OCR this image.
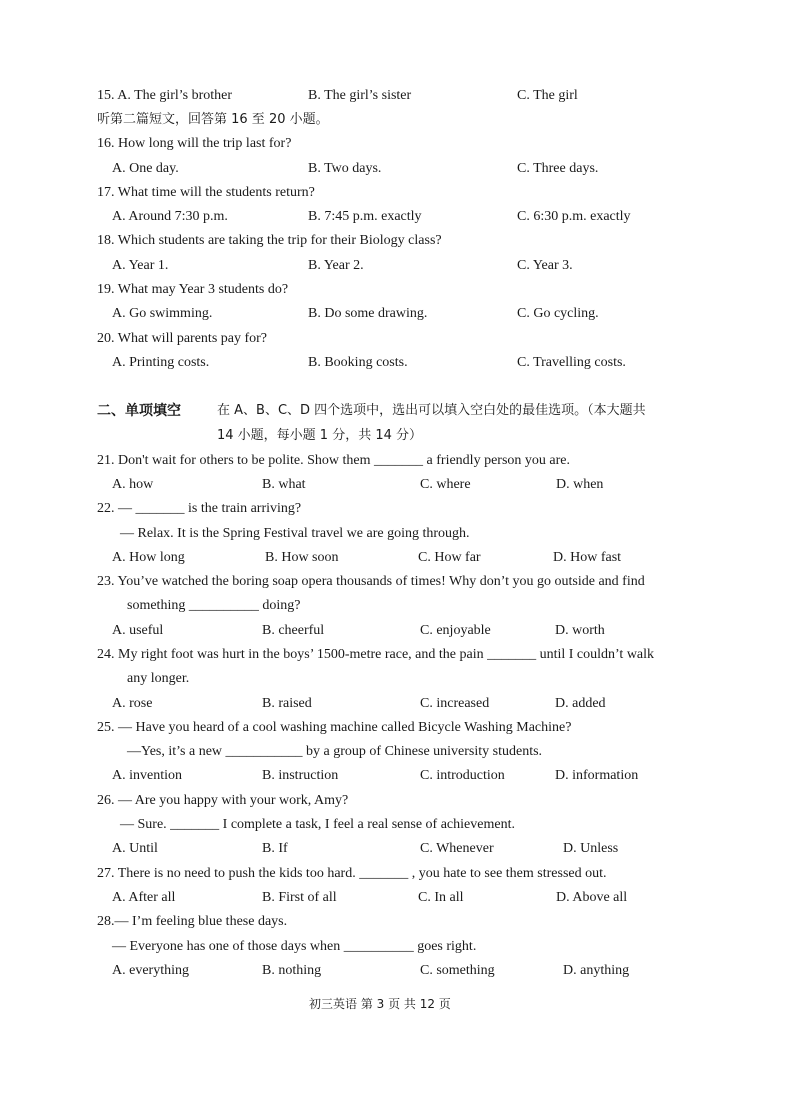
15. A. The girl’s brother	B. The girl’s sister	C. The girl
听第二篇短文，回答第 16 至 20 小题。
16. How long will the trip last for?
A. One day.	B. Two days.	C. Three days.
17. What time will the students return?
A. Around 7:30 p.m.	B. 7:45 p.m. exactly	C. 6:30 p.m. exactly
18. Which students are taking the trip for their Biology class?
A. Year 1.	B. Year 2.	C. Year 3.
19. What may Year 3 students do?
A. Go swimming.	B. Do some drawing.	C. Go cycling.
20. What will parents pay for?
A. Printing costs.	B. Booking costs.	C. Travelling costs.
二、单项填空	在 A、B、C、D 四个选项中，选出可以填入空白处的最佳选项。（本大题共
14 小题，每小题 1 分，共 14 分）
21. Don't wait for others to be polite. Show them _______ a friendly person you are.
A. how	B. what	C. where	D. when
22. — _______ is the train arriving?
— Relax. It is the Spring Festival travel we are going through.
A. How long	B. How soon	C. How far	D. How fast
23. You’ve watched the boring soap opera thousands of times! Why don’t you go outside and find
something __________ doing?
A. useful	B. cheerful	C. enjoyable	D. worth
24. My right foot was hurt in the boys’ 1500-metre race, and the pain _______ until I couldn’t walk
any longer.
A. rose	B. raised	C. increased	D. added
25. — Have you heard of a cool washing machine called Bicycle Washing Machine?
—Yes, it’s a new ___________ by a group of Chinese university students.
A. invention	B. instruction	C. introduction	D. information
26. — Are you happy with your work, Amy?
— Sure. _______ I complete a task, I feel a real sense of achievement.
A. Until	B. If	C. Whenever	D. Unless
27. There is no need to push the kids too hard. _______ , you hate to see them stressed out.
A. After all	B. First of all	C. In all	D. Above all
28.— I’m feeling blue these days.
— Everyone has one of those days when __________ goes right.
A. everything	B. nothing	C. something	D. anything
初三英语 第 3 页 共 12 页
